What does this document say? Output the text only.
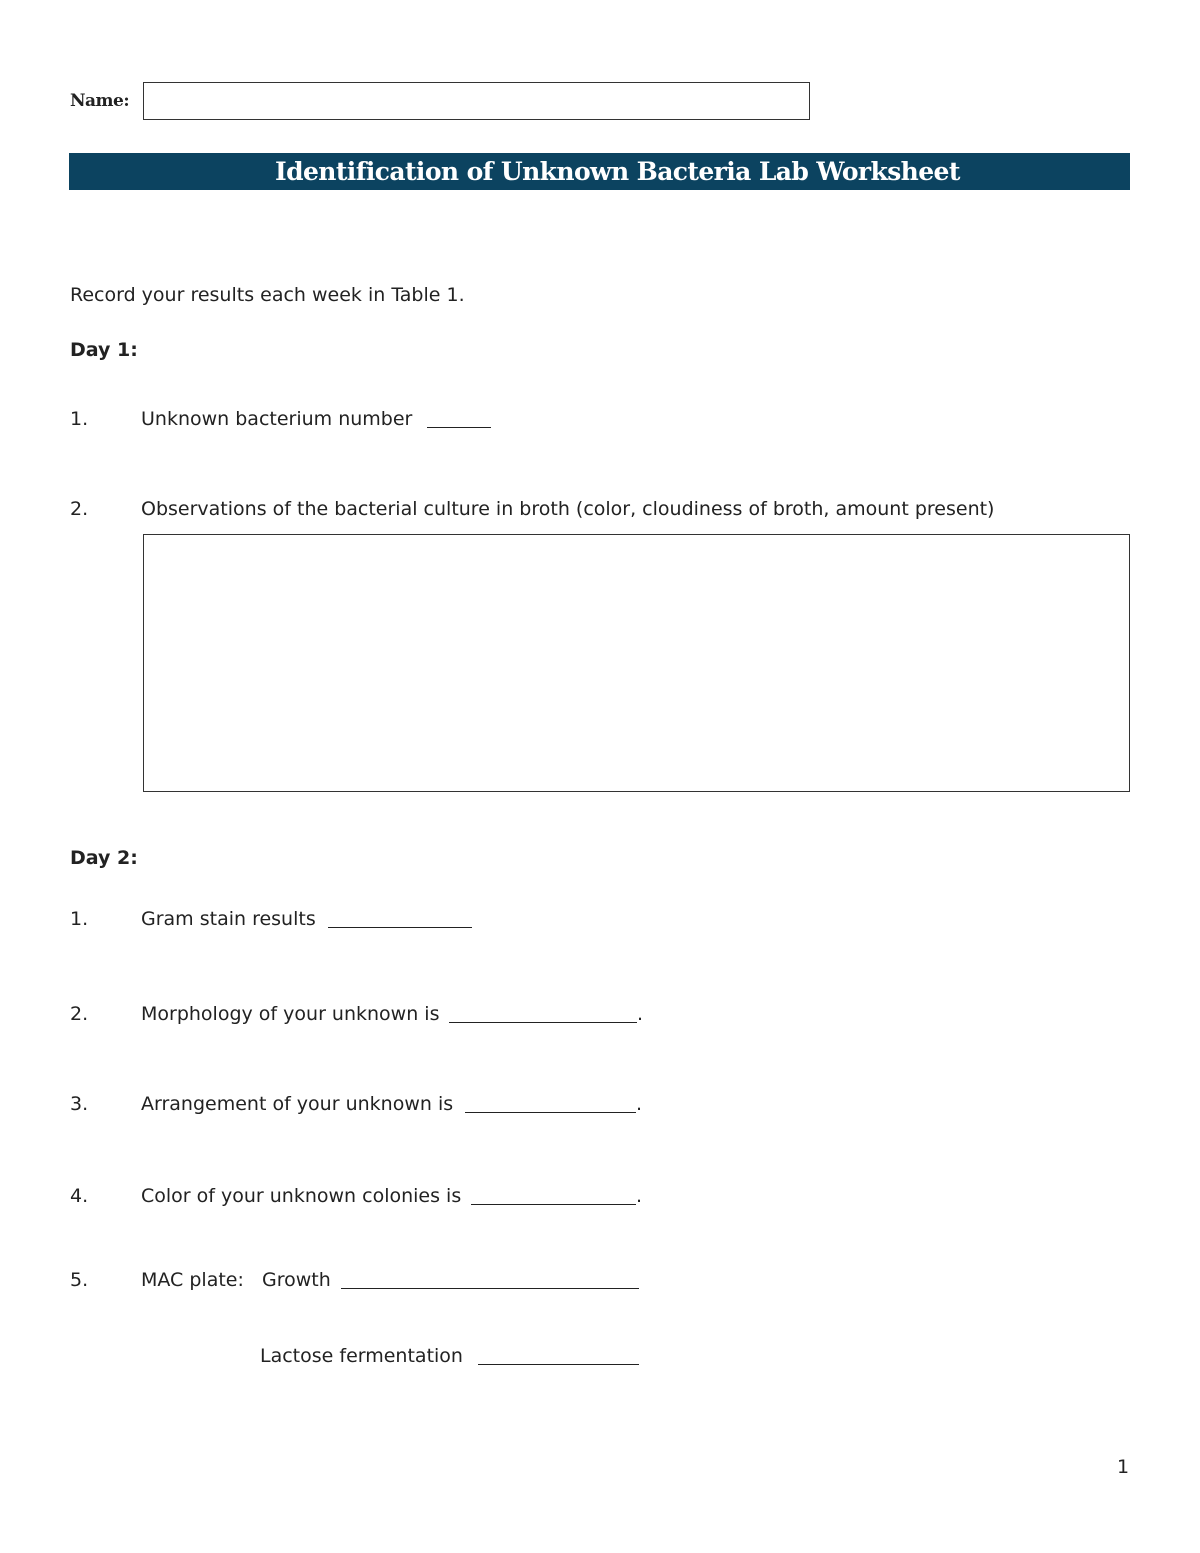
Name:
Identification of Unknown Bacteria Lab Worksheet
Record your results each week in Table 1.
Day 1:
1.	Unknown bacterium number
2.	Observations of the bacterial culture in broth (color, cloudiness of broth, amount present)
Day 2:
1.	Gram stain results
2.	Morphology of your unknown is	.
3.	Arrangement of your unknown is	.
4.	Color of your unknown colonies is	.
5.	MAC plate:   Growth
Lactose fermentation
1
